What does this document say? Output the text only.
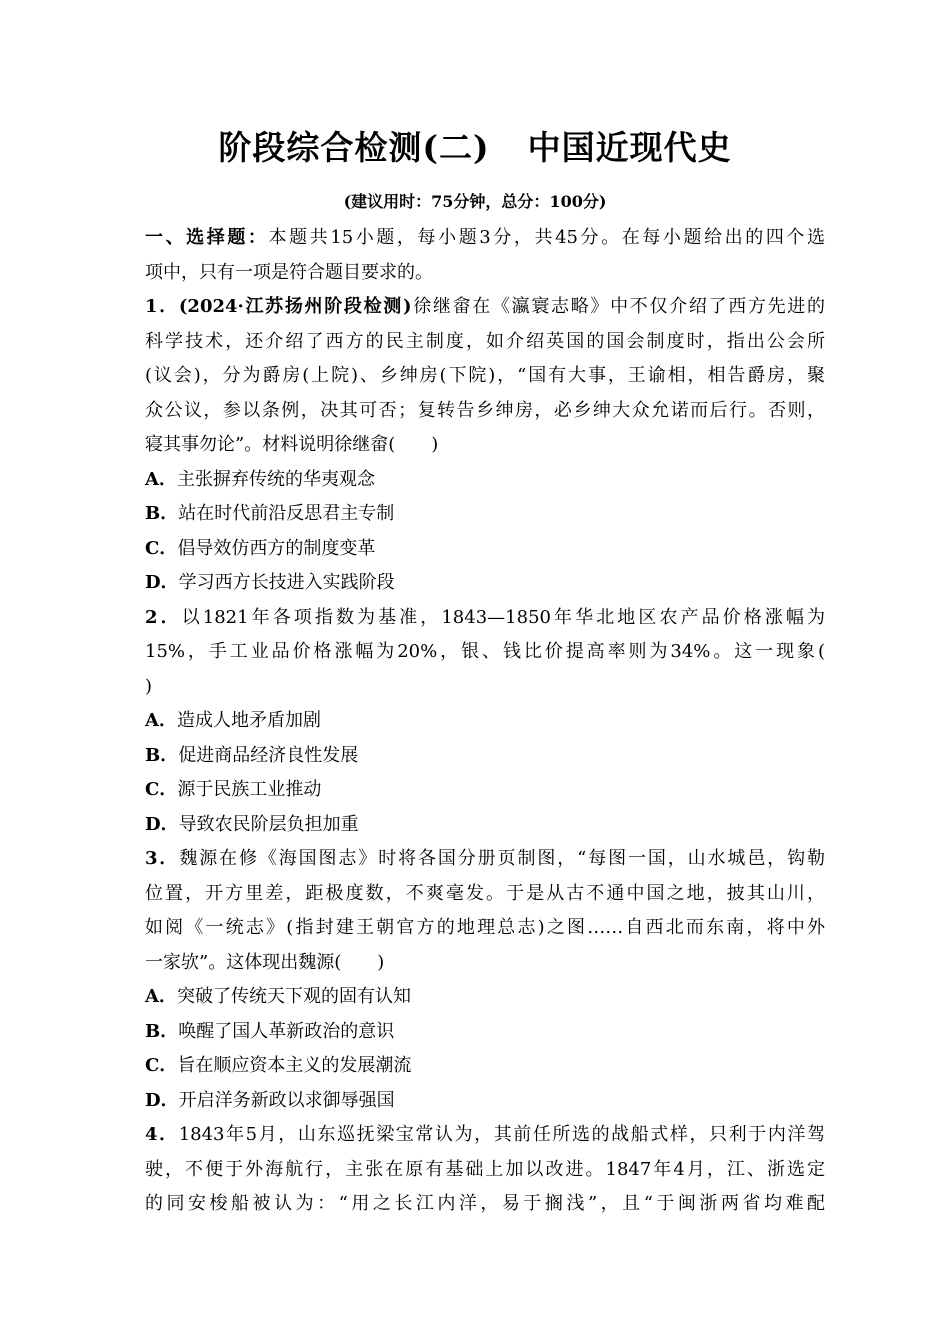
阶段综合检测(二) 中国近现代史
(建议用时：75分钟，总分：100分)
一、选择题：本题共15小题，每小题3分，共45分。在每小题给出的四个选
项中，只有一项是符合题目要求的。
1．(2024·江苏扬州阶段检测)徐继畲在《瀛寰志略》中不仅介绍了西方先进的
科学技术，还介绍了西方的民主制度，如介绍英国的国会制度时，指出公会所
(议会)，分为爵房(上院)、乡绅房(下院)，“国有大事，王谕相，相告爵房，聚
众公议，参以条例，决其可否；复转告乡绅房，必乡绅大众允诺而后行。否则，
寝其事勿论”。材料说明徐继畲(　　)
A．主张摒弃传统的华夷观念
B．站在时代前沿反思君主专制
C．倡导效仿西方的制度变革
D．学习西方长技进入实践阶段
2．以1821年各项指数为基准，1843—1850年华北地区农产品价格涨幅为
15%，手工业品价格涨幅为20%，银、钱比价提高率则为34%。这一现象(
)
A．造成人地矛盾加剧
B．促进商品经济良性发展
C．源于民族工业推动
D．导致农民阶层负担加重
3．魏源在修《海国图志》时将各国分册页制图，“每图一国，山水城邑，钩勒
位置，开方里差，距极度数，不爽毫发。于是从古不通中国之地，披其山川，
如阅《一统志》(指封建王朝官方的地理总志)之图……自西北而东南，将中外
一家欤”。这体现出魏源(　　)
A．突破了传统天下观的固有认知
B．唤醒了国人革新政治的意识
C．旨在顺应资本主义的发展潮流
D．开启洋务新政以求御辱强国
4．1843年5月，山东巡抚梁宝常认为，其前任所选的战船式样，只利于内洋驾
驶，不便于外海航行，主张在原有基础上加以改进。1847年4月，江、浙选定
的同安梭船被认为：“用之长江内洋，易于搁浅”，且“于闽浙两省均难配
